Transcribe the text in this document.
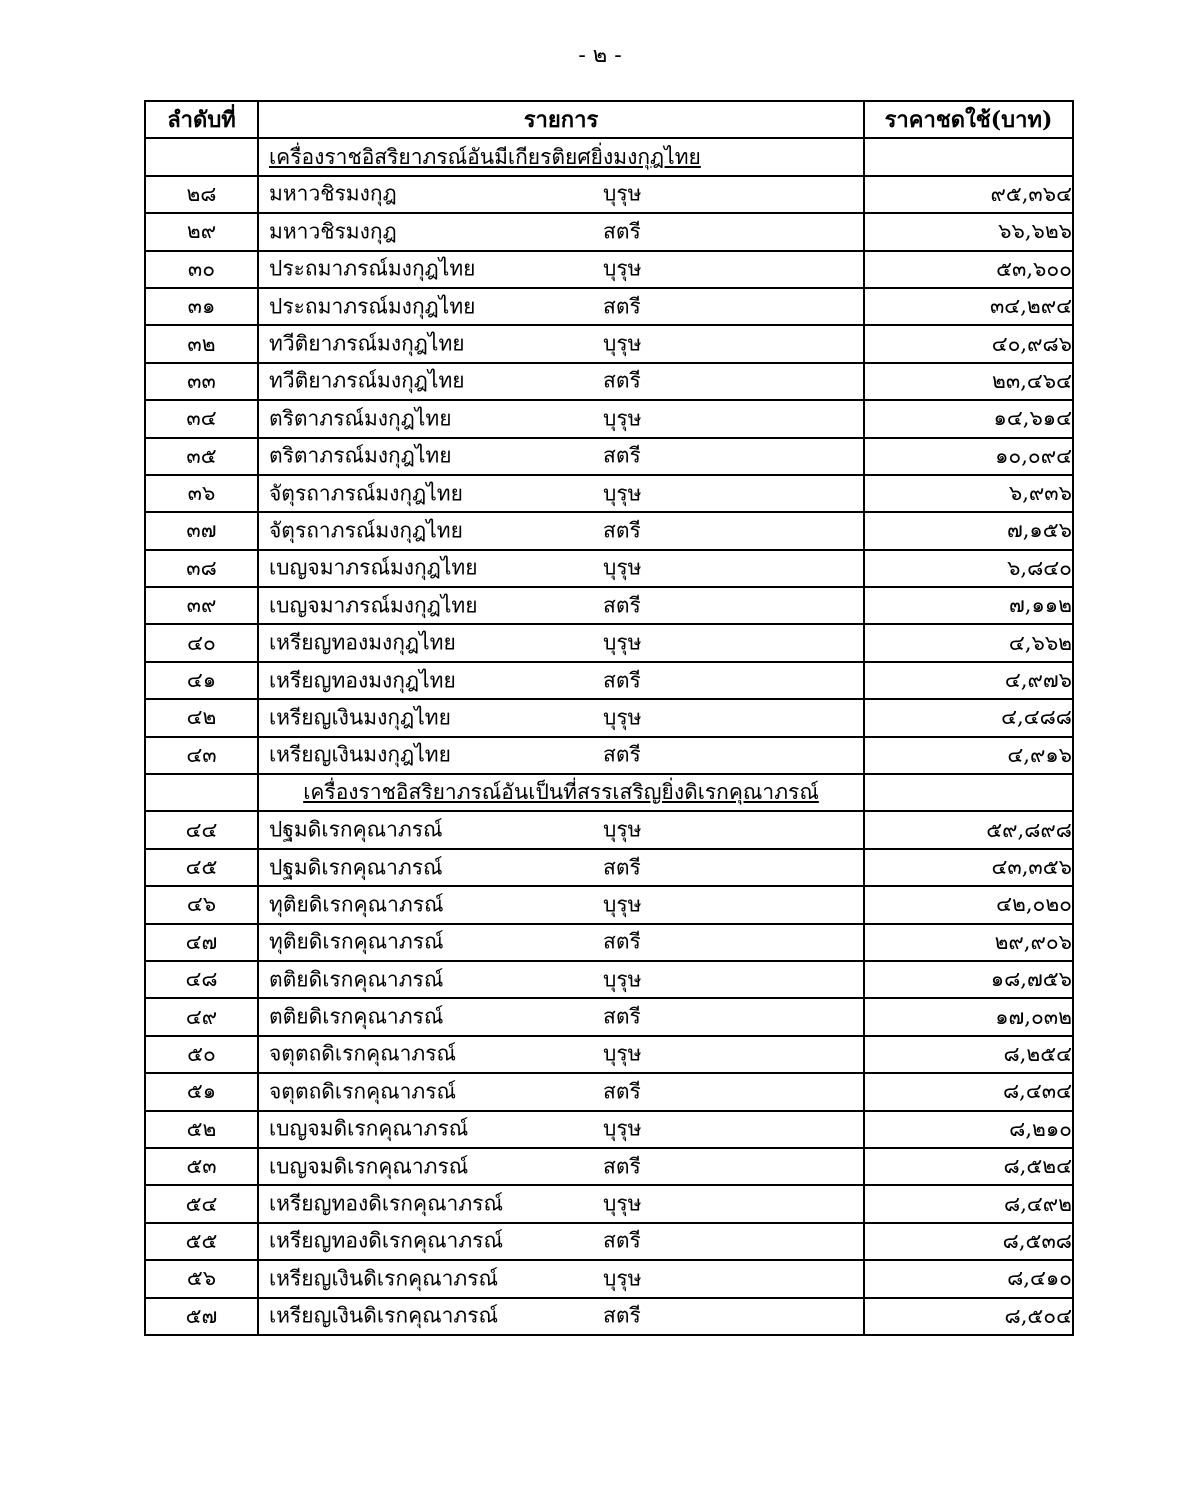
- ๒ -
ลำดับที่	รายการ	ราคาชดใช้(บาท)
	เครื่องราชอิสริยาภรณ์อันมีเกียรติยศยิ่งมงกุฎไทย	
๒๘	มหาวชิรมงกุฎ บุรุษ	๙๕,๓๖๔
๒๙	มหาวชิรมงกุฎ สตรี	๖๖,๖๒๖
๓๐	ประถมาภรณ์มงกุฎไทย บุรุษ	๕๓,๖๐๐
๓๑	ประถมาภรณ์มงกุฎไทย สตรี	๓๔,๒๙๔
๓๒	ทวีติยาภรณ์มงกุฎไทย บุรุษ	๔๐,๙๘๖
๓๓	ทวีติยาภรณ์มงกุฎไทย สตรี	๒๓,๔๖๔
๓๔	ตริตาภรณ์มงกุฎไทย บุรุษ	๑๔,๖๑๔
๓๕	ตริตาภรณ์มงกุฎไทย สตรี	๑๐,๐๙๔
๓๖	จัตุรถาภรณ์มงกุฎไทย บุรุษ	๖,๙๓๖
๓๗	จัตุรถาภรณ์มงกุฎไทย สตรี	๗,๑๕๖
๓๘	เบญจมาภรณ์มงกุฎไทย บุรุษ	๖,๘๔๐
๓๙	เบญจมาภรณ์มงกุฎไทย สตรี	๗,๑๑๒
๔๐	เหรียญทองมงกุฎไทย บุรุษ	๔,๖๖๒
๔๑	เหรียญทองมงกุฎไทย สตรี	๔,๙๗๖
๔๒	เหรียญเงินมงกุฎไทย บุรุษ	๔,๔๘๘
๔๓	เหรียญเงินมงกุฎไทย สตรี	๔,๙๑๖
	เครื่องราชอิสริยาภรณ์อันเป็นที่สรรเสริญยิ่งดิเรกคุณาภรณ์	
๔๔	ปฐมดิเรกคุณาภรณ์ บุรุษ	๕๙,๘๙๘
๔๕	ปฐมดิเรกคุณาภรณ์ สตรี	๔๓,๓๕๖
๔๖	ทุติยดิเรกคุณาภรณ์ บุรุษ	๔๒,๐๒๐
๔๗	ทุติยดิเรกคุณาภรณ์ สตรี	๒๙,๙๐๖
๔๘	ตติยดิเรกคุณาภรณ์ บุรุษ	๑๘,๗๕๖
๔๙	ตติยดิเรกคุณาภรณ์ สตรี	๑๗,๐๓๒
๕๐	จตุตถดิเรกคุณาภรณ์ บุรุษ	๘,๒๕๔
๕๑	จตุตถดิเรกคุณาภรณ์ สตรี	๘,๔๓๔
๕๒	เบญจมดิเรกคุณาภรณ์ บุรุษ	๘,๒๑๐
๕๓	เบญจมดิเรกคุณาภรณ์ สตรี	๘,๕๒๔
๕๔	เหรียญทองดิเรกคุณาภรณ์ บุรุษ	๘,๔๙๒
๕๕	เหรียญทองดิเรกคุณาภรณ์ สตรี	๘,๕๓๘
๕๖	เหรียญเงินดิเรกคุณาภรณ์ บุรุษ	๘,๔๑๐
๕๗	เหรียญเงินดิเรกคุณาภรณ์ สตรี	๘,๕๐๔
